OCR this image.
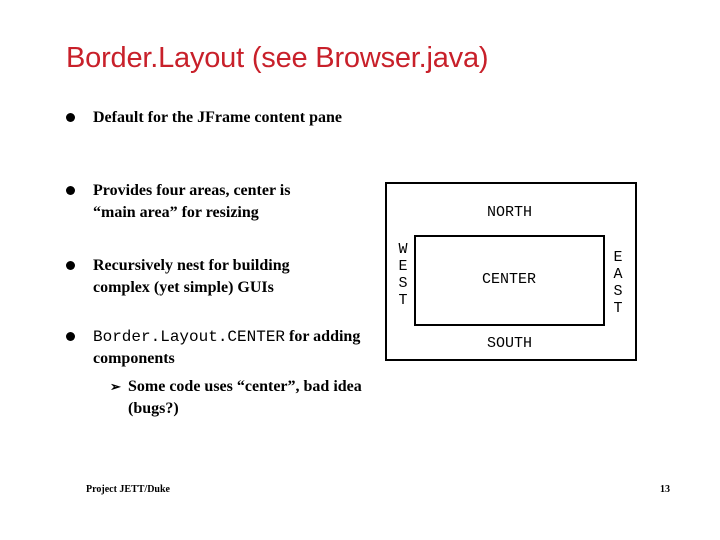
Border.Layout (see Browser.java)
Default for the JFrame content pane
Provides four areas, center is “main area” for resizing
Recursively nest for building complex (yet simple) GUIs
Border.Layout.CENTER for adding components
➢ Some code uses “center”, bad idea (bugs?)
NORTH
CENTER
SOUTH
W
E
S
T
E
A
S
T
Project JETT/Duke	13
